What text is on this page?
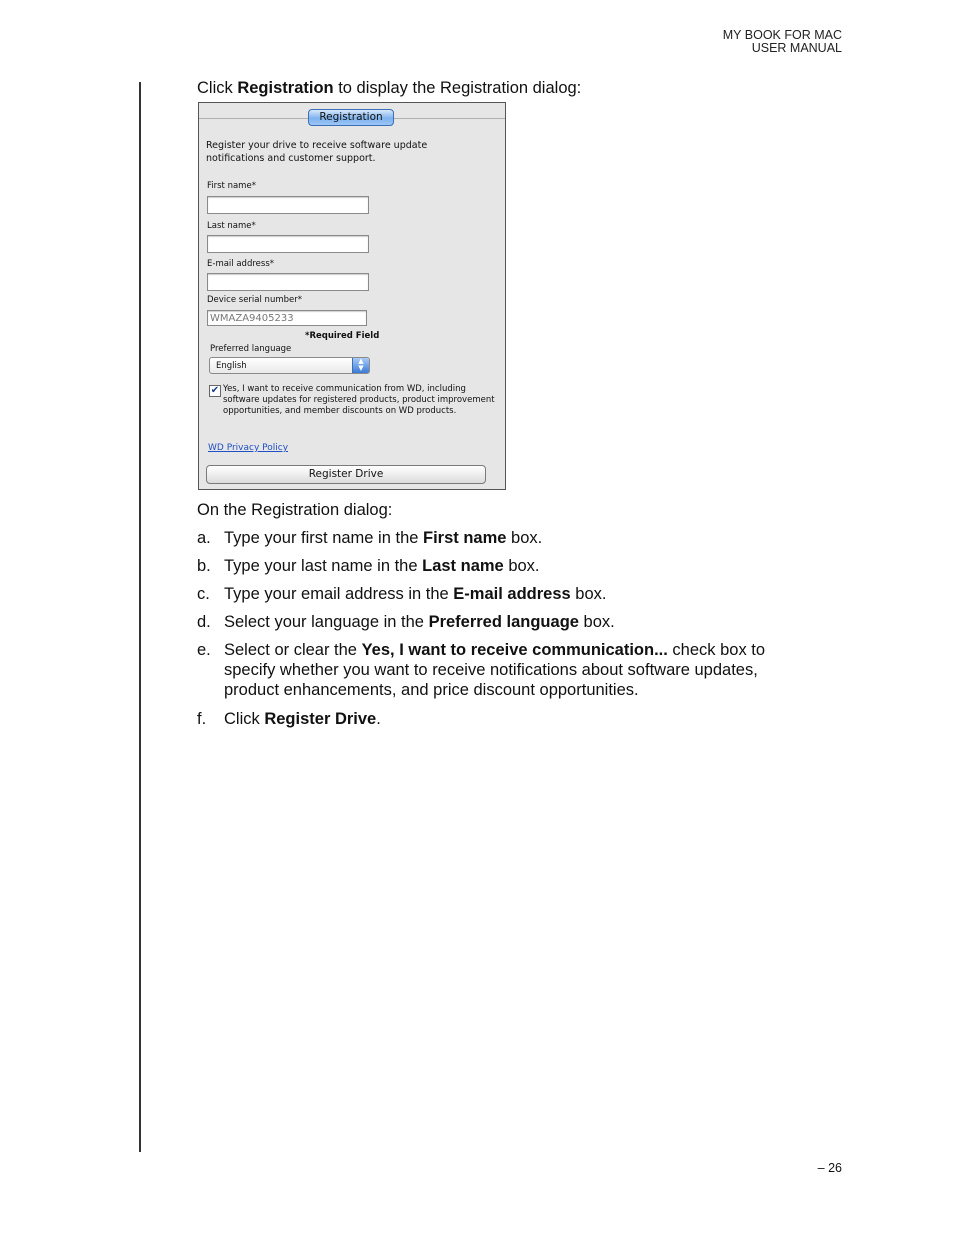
MY BOOK FOR MAC
USER MANUAL
Click Registration to display the Registration dialog:
Registration
Register your drive to receive software update
notifications and customer support.
First name*
Last name*
E-mail address*
Device serial number*
WMAZA9405233
*Required Field
Preferred language
English	▲
▼
✔ Yes, I want to receive communication from WD, including
software updates for registered products, product improvement
opportunities, and member discounts on WD products.
WD Privacy Policy
Register Drive
On the Registration dialog:
a. Type your first name in the First name box.
b. Type your last name in the Last name box.
c. Type your email address in the E-mail address box.
d. Select your language in the Preferred language box.
e. Select or clear the Yes, I want to receive communication... check box to specify whether you want to receive notifications about software updates, product enhancements, and price discount opportunities.
f. Click Register Drive.
– 26
